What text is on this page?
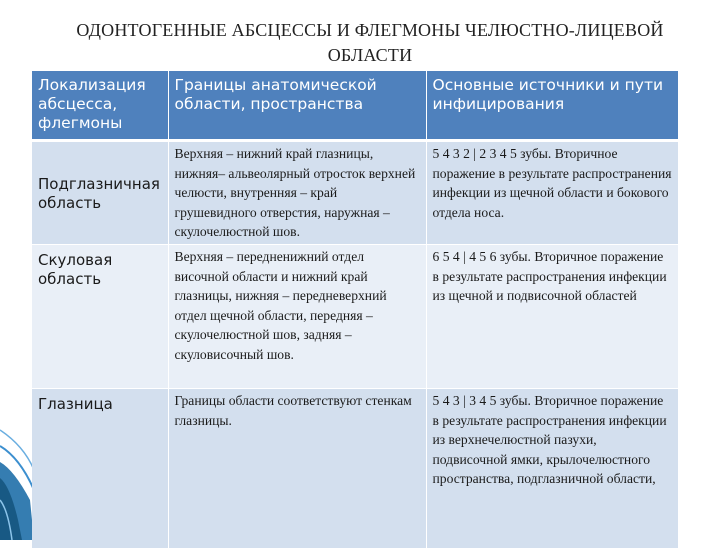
ОДОНТОГЕННЫЕ АБСЦЕССЫ И ФЛЕГМОНЫ ЧЕЛЮСТНО-ЛИЦЕВОЙ ОБЛАСТИ
Локализация абсцесса, флегмоны	Границы анатомической области, пространства	Основные источники и пути инфицирования
Подглазничная область	Верхняя – нижний край глазницы, нижняя– альвеолярный отросток верхней челюсти, внутренняя – край грушевидного отверстия, наружная – скулочелюстной шов.	5 4 3 2 | 2 3 4 5 зубы. Вторичное поражение в результате распространения инфекции из щечной области и бокового отдела носа.
Скуловая область	Верхняя – передненижний отдел височной области и нижний край глазницы, нижняя – передневерхний отдел щечной области, передняя – скулочелюстной шов, задняя – скуловисочный шов.	6 5 4 | 4 5 6 зубы. Вторичное поражение в результате распространения инфекции из щечной и подвисочной областей
Глазница	Границы области соответствуют стенкам глазницы.	5 4 3 | 3 4 5 зубы. Вторичное поражение в результате распространения инфекции из верхнечелюстной пазухи, подвисочной ямки, крылочелюстного пространства, подглазничной области,
